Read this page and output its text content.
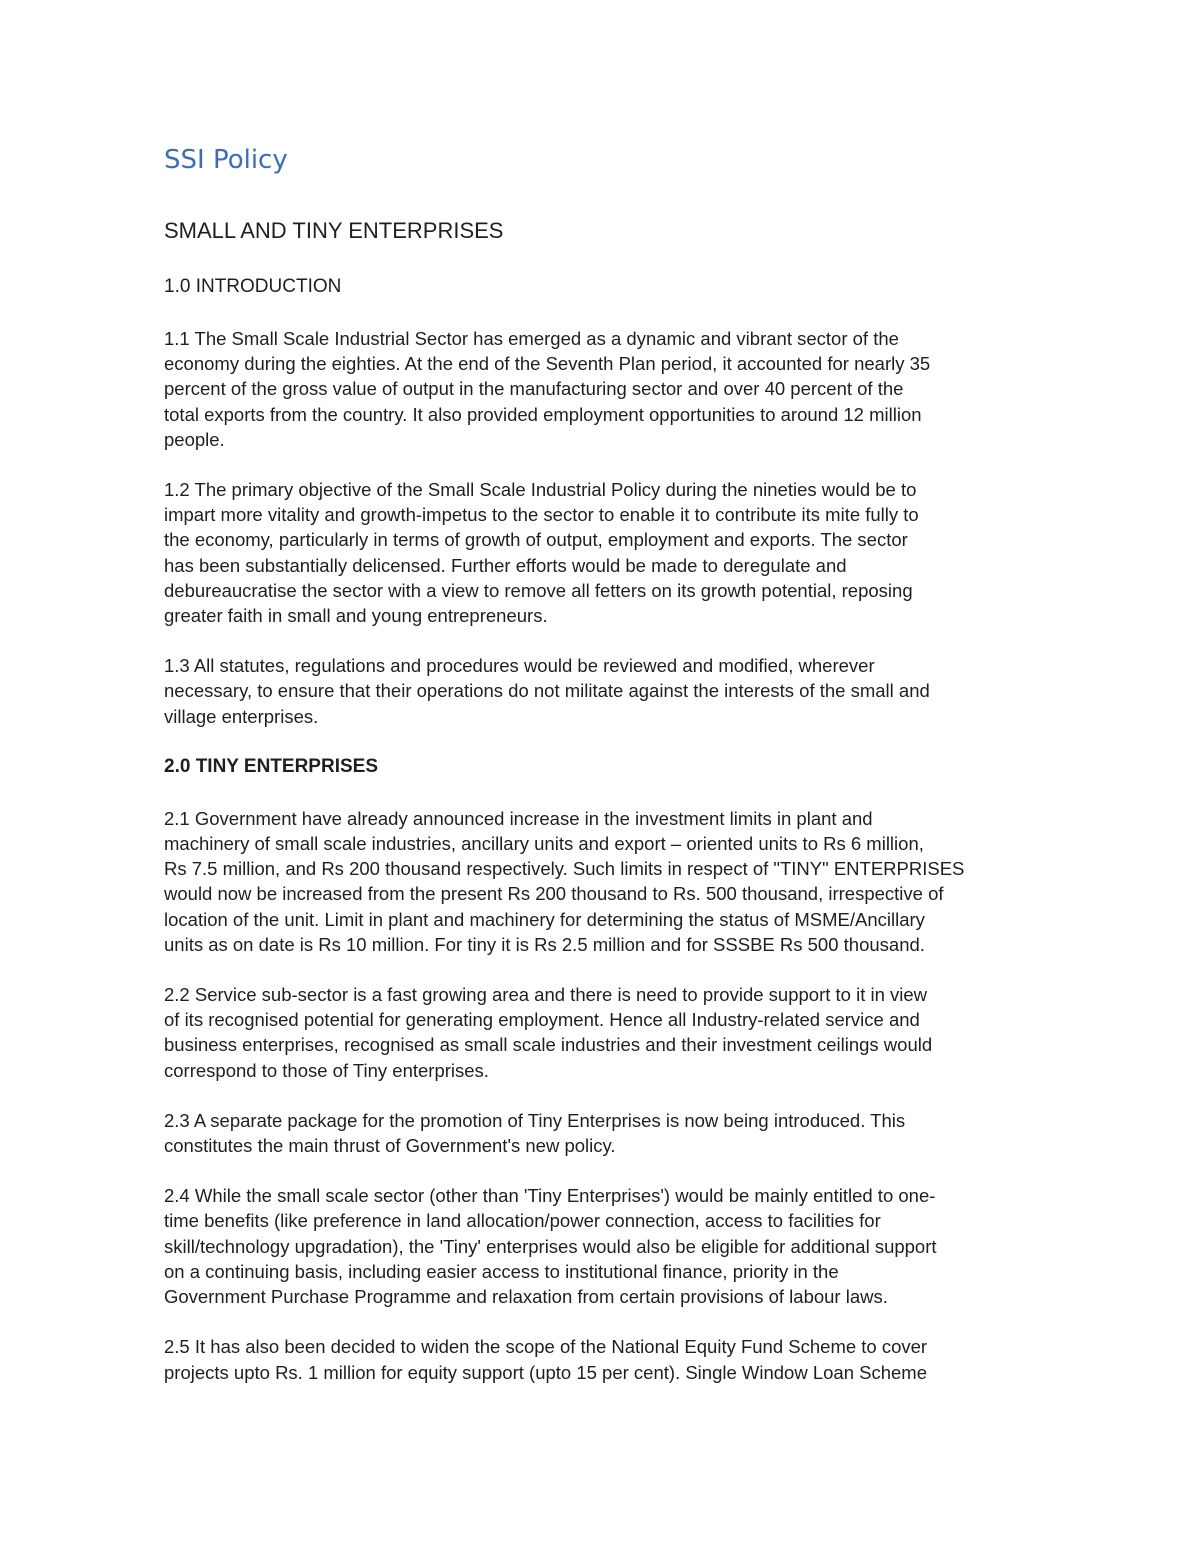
SSI Policy
SMALL AND TINY ENTERPRISES
1.0 INTRODUCTION

1.1 The Small Scale Industrial Sector has emerged as a dynamic and vibrant sector of the
economy during the eighties. At the end of the Seventh Plan period, it accounted for nearly 35
percent of the gross value of output in the manufacturing sector and over 40 percent of the
total exports from the country. It also provided employment opportunities to around 12 million
people.

1.2 The primary objective of the Small Scale Industrial Policy during the nineties would be to
impart more vitality and growth-impetus to the sector to enable it to contribute its mite fully to
the economy, particularly in terms of growth of output, employment and exports. The sector
has been substantially delicensed. Further efforts would be made to deregulate and
debureaucratise the sector with a view to remove all fetters on its growth potential, reposing
greater faith in small and young entrepreneurs.

1.3 All statutes, regulations and procedures would be reviewed and modified, wherever
necessary, to ensure that their operations do not militate against the interests of the small and
village enterprises.

2.0 TINY ENTERPRISES

2.1 Government have already announced increase in the investment limits in plant and
machinery of small scale industries, ancillary units and export – oriented units to Rs 6 million,
Rs 7.5 million, and Rs 200 thousand respectively. Such limits in respect of "TINY" ENTERPRISES
would now be increased from the present Rs 200 thousand to Rs. 500 thousand, irrespective of
location of the unit. Limit in plant and machinery for determining the status of MSME/Ancillary
units as on date is Rs 10 million. For tiny it is Rs 2.5 million and for SSSBE Rs 500 thousand.

2.2 Service sub-sector is a fast growing area and there is need to provide support to it in view
of its recognised potential for generating employment. Hence all Industry-related service and
business enterprises, recognised as small scale industries and their investment ceilings would
correspond to those of Tiny enterprises.

2.3 A separate package for the promotion of Tiny Enterprises is now being introduced. This
constitutes the main thrust of Government's new policy.

2.4 While the small scale sector (other than 'Tiny Enterprises') would be mainly entitled to one-
time benefits (like preference in land allocation/power connection, access to facilities for
skill/technology upgradation), the 'Tiny' enterprises would also be eligible for additional support
on a continuing basis, including easier access to institutional finance, priority in the
Government Purchase Programme and relaxation from certain provisions of labour laws.

2.5 It has also been decided to widen the scope of the National Equity Fund Scheme to cover
projects upto Rs. 1 million for equity support (upto 15 per cent). Single Window Loan Scheme
